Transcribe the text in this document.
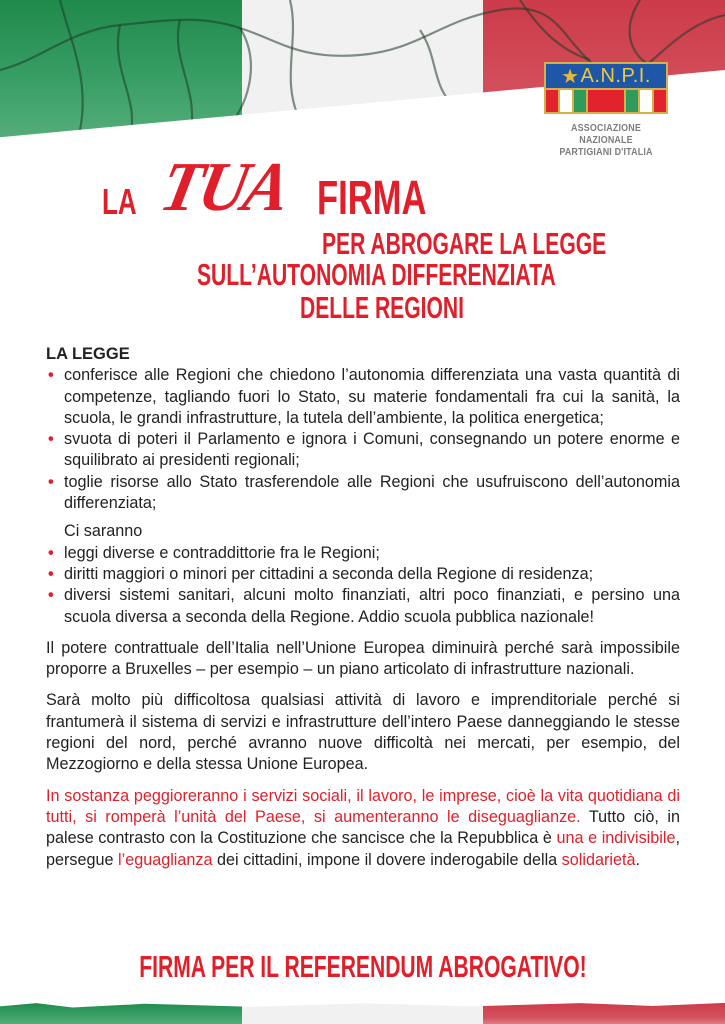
★ A.N.P.I.
ASSOCIAZIONE NAZIONALE
PARTIGIANI D'ITALIA
LA TUA FIRMA
PER ABROGARE LA LEGGE
SULL’AUTONOMIA DIFFERENZIATA
DELLE REGIONI
LA LEGGE
• conferisce alle Regioni che chiedono l’autonomia differenziata una vasta quantità di competenze, tagliando fuori lo Stato, su materie fondamentali fra cui la sanità, la scuola, le grandi infrastrutture, la tutela dell’ambiente, la politica energetica;
• svuota di poteri il Parlamento e ignora i Comuni, consegnando un potere enorme e squilibrato ai presidenti regionali;
• toglie risorse allo Stato trasferendole alle Regioni che usufruiscono dell’autonomia differenziata;
Ci saranno
• leggi diverse e contraddittorie fra le Regioni;
• diritti maggiori o minori per cittadini a seconda della Regione di residenza;
• diversi sistemi sanitari, alcuni molto finanziati, altri poco finanziati, e persino una scuola diversa a seconda della Regione. Addio scuola pubblica nazionale!

Il potere contrattuale dell’Italia nell’Unione Europea diminuirà perché sarà impossibile proporre a Bruxelles – per esempio – un piano articolato di infrastrutture nazionali.

Sarà molto più difficoltosa qualsiasi attività di lavoro e imprenditoriale perché si frantumerà il sistema di servizi e infrastrutture dell’intero Paese danneggiando le stesse regioni del nord, perché avranno nuove difficoltà nei mercati, per esempio, del Mezzogiorno e della stessa Unione Europea.

In sostanza peggioreranno i servizi sociali, il lavoro, le imprese, cioè la vita quotidiana di tutti, si romperà l’unità del Paese, si aumenteranno le diseguaglianze. Tutto ciò, in palese contrasto con la Costituzione che sancisce che la Repubblica è una e indivisibile, persegue l’eguaglianza dei cittadini, impone il dovere inderogabile della solidarietà.

FIRMA PER IL REFERENDUM ABROGATIVO!
